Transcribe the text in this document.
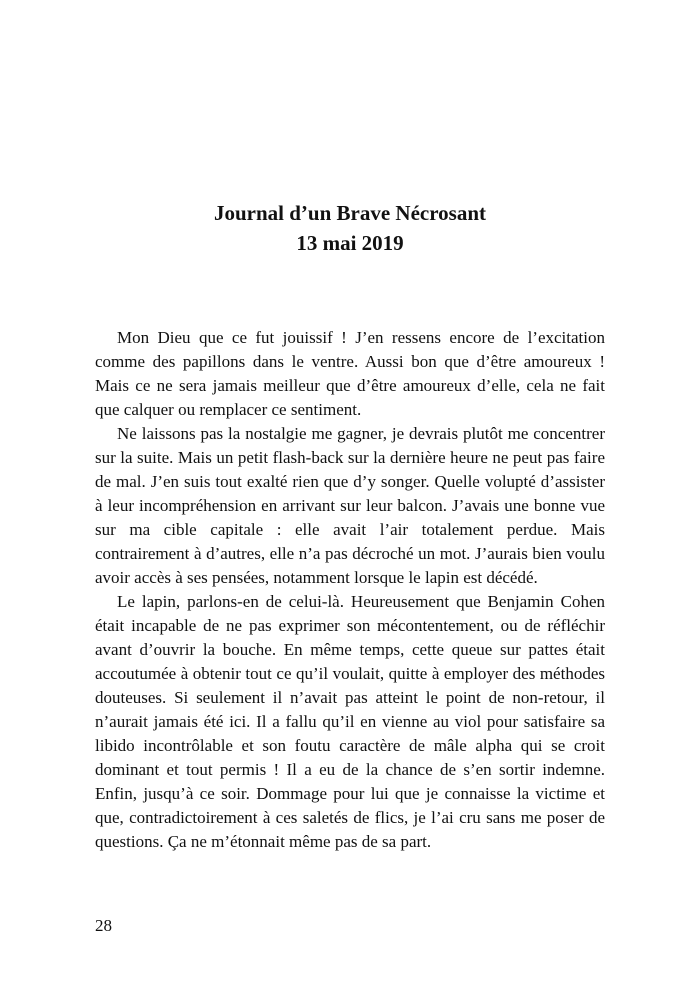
Journal d’un Brave Nécrosant
13 mai 2019

Mon Dieu que ce fut jouissif ! J’en ressens encore de l’excitation comme des papillons dans le ventre. Aussi bon que d’être amoureux ! Mais ce ne sera jamais meilleur que d’être amoureux d’elle, cela ne fait que calquer ou remplacer ce sentiment.

Ne laissons pas la nostalgie me gagner, je devrais plutôt me concentrer sur la suite. Mais un petit flash-back sur la dernière heure ne peut pas faire de mal. J’en suis tout exalté rien que d’y songer. Quelle volupté d’assister à leur incompréhension en arrivant sur leur balcon. J’avais une bonne vue sur ma cible capitale : elle avait l’air totalement perdue. Mais contrairement à d’autres, elle n’a pas décroché un mot. J’aurais bien voulu avoir accès à ses pensées, notamment lorsque le lapin est décédé.

Le lapin, parlons-en de celui-là. Heureusement que Benjamin Cohen était incapable de ne pas exprimer son mécontentement, ou de réfléchir avant d’ouvrir la bouche. En même temps, cette queue sur pattes était accoutumée à obtenir tout ce qu’il voulait, quitte à employer des méthodes douteuses. Si seulement il n’avait pas atteint le point de non-retour, il n’aurait jamais été ici. Il a fallu qu’il en vienne au viol pour satisfaire sa libido incontrôlable et son foutu caractère de mâle alpha qui se croit dominant et tout permis ! Il a eu de la chance de s’en sortir indemne. Enfin, jusqu’à ce soir. Dommage pour lui que je connaisse la victime et que, contradictoirement à ces saletés de flics, je l’ai cru sans me poser de questions. Ça ne m’étonnait même pas de sa part.

28
